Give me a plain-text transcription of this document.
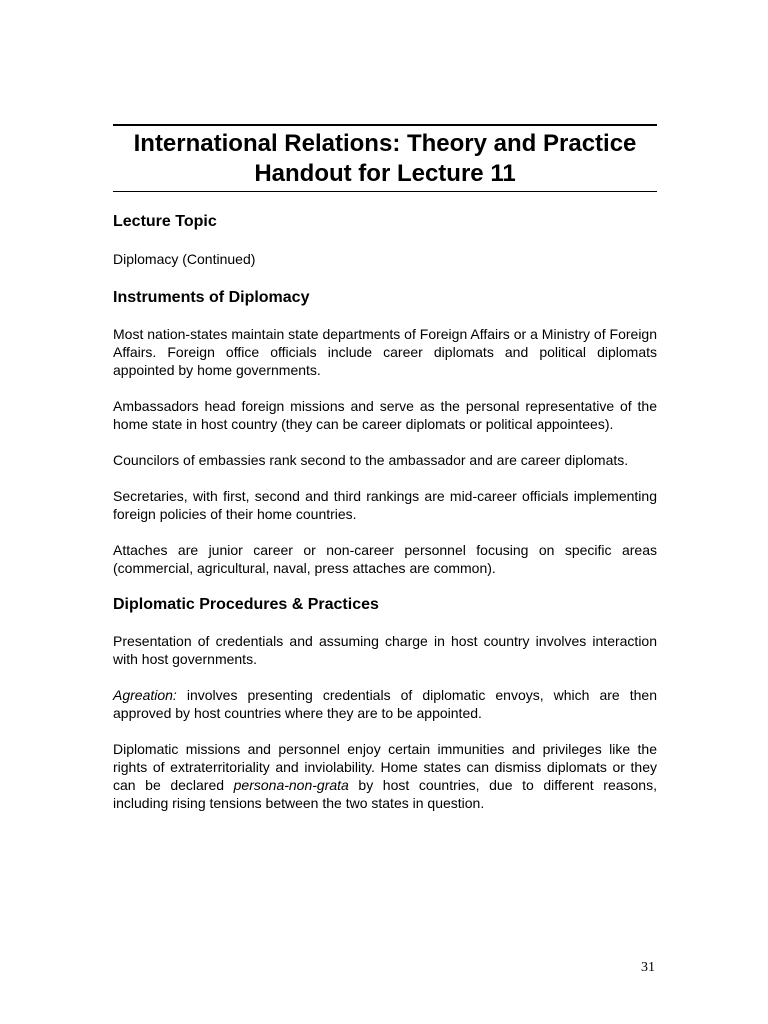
International Relations: Theory and Practice
Handout for Lecture 11
Lecture Topic

Diplomacy (Continued)

Instruments of Diplomacy

Most nation-states maintain state departments of Foreign Affairs or a Ministry of Foreign Affairs. Foreign office officials include career diplomats and political diplomats appointed by home governments.

Ambassadors head foreign missions and serve as the personal representative of the home state in host country (they can be career diplomats or political appointees).

Councilors of embassies rank second to the ambassador and are career diplomats.

Secretaries, with first, second and third rankings are mid-career officials implementing foreign policies of their home countries.

Attaches are junior career or non-career personnel focusing on specific areas (commercial, agricultural, naval, press attaches are common).

Diplomatic Procedures & Practices

Presentation of credentials and assuming charge in host country involves interaction with host governments.

Agreation: involves presenting credentials of diplomatic envoys, which are then approved by host countries where they are to be appointed.

Diplomatic missions and personnel enjoy certain immunities and privileges like the rights of extraterritoriality and inviolability. Home states can dismiss diplomats or they can be declared persona-non-grata by host countries, due to different reasons, including rising tensions between the two states in question.

31
